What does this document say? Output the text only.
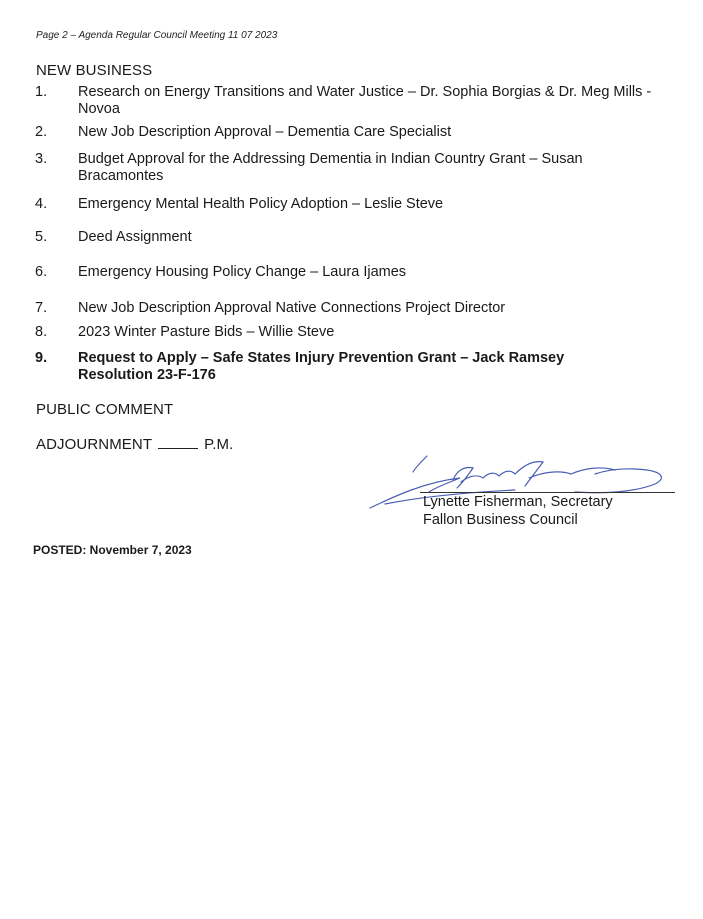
Page 2 – Agenda Regular Council Meeting 11 07 2023
NEW BUSINESS
1. Research on Energy Transitions and Water Justice – Dr. Sophia Borgias & Dr. Meg Mills - Novoa
2. New Job Description Approval – Dementia Care Specialist
3. Budget Approval for the Addressing Dementia in Indian Country Grant – Susan Bracamontes
4. Emergency Mental Health Policy Adoption – Leslie Steve
5. Deed Assignment
6. Emergency Housing Policy Change – Laura Ijames
7. New Job Description Approval Native Connections Project Director
8. 2023 Winter Pasture Bids – Willie Steve
9. Request to Apply – Safe States Injury Prevention Grant – Jack Ramsey Resolution 23-F-176
PUBLIC COMMENT
ADJOURNMENT	P.M.
Lynette Fisherman, Secretary
Fallon Business Council
POSTED: November 7, 2023
